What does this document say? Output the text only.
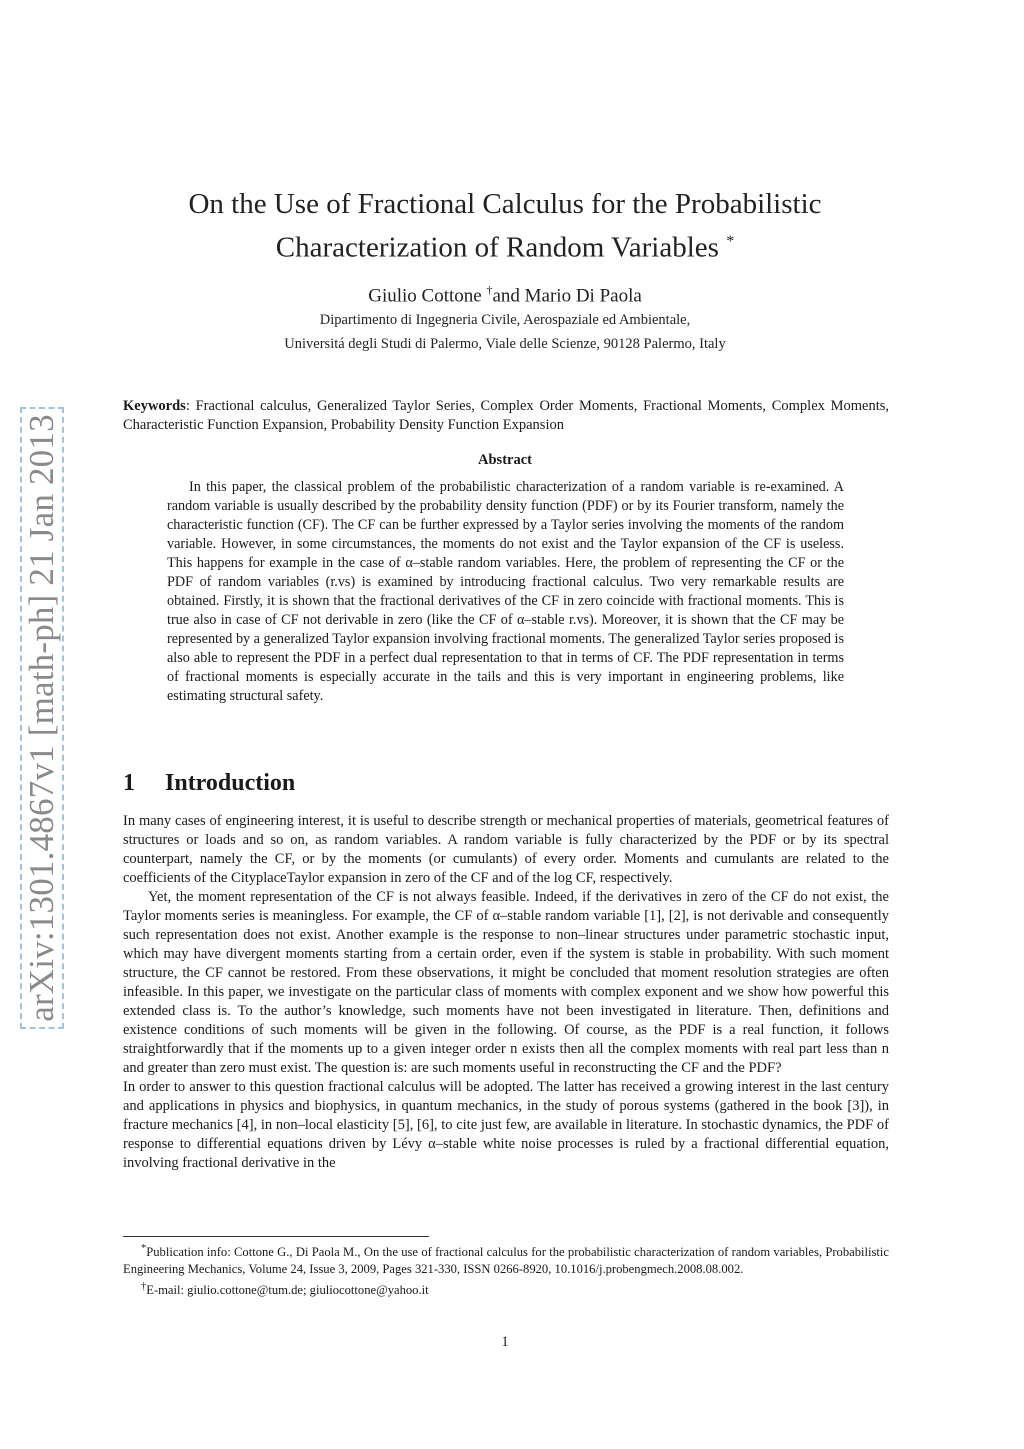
arXiv:1301.4867v1 [math-ph] 21 Jan 2013
On the Use of Fractional Calculus for the Probabilistic
Characterization of Random Variables *
Giulio Cottone †and Mario Di Paola
Dipartimento di Ingegneria Civile, Aerospaziale ed Ambientale,
Universitá degli Studi di Palermo, Viale delle Scienze, 90128 Palermo, Italy
Keywords: Fractional calculus, Generalized Taylor Series, Complex Order Moments, Fractional Moments, Complex Moments, Characteristic Function Expansion, Probability Density Function Expansion
Abstract
In this paper, the classical problem of the probabilistic characterization of a random variable is re-examined. A random variable is usually described by the probability density function (PDF) or by its Fourier transform, namely the characteristic function (CF). The CF can be further expressed by a Taylor series involving the moments of the random variable. However, in some circumstances, the moments do not exist and the Taylor expansion of the CF is useless. This happens for example in the case of α–stable random variables. Here, the problem of representing the CF or the PDF of random variables (r.vs) is examined by introducing fractional calculus. Two very remarkable results are obtained. Firstly, it is shown that the fractional derivatives of the CF in zero coincide with fractional moments. This is true also in case of CF not derivable in zero (like the CF of α–stable r.vs). Moreover, it is shown that the CF may be represented by a generalized Taylor expansion involving fractional moments. The generalized Taylor series proposed is also able to represent the PDF in a perfect dual representation to that in terms of CF. The PDF representation in terms of fractional moments is especially accurate in the tails and this is very important in engineering problems, like estimating structural safety.
1 Introduction

In many cases of engineering interest, it is useful to describe strength or mechanical properties of materials, geometrical features of structures or loads and so on, as random variables. A random variable is fully characterized by the PDF or by its spectral counterpart, namely the CF, or by the moments (or cumulants) of every order. Moments and cumulants are related to the coefficients of the CityplaceTaylor expansion in zero of the CF and of the log CF, respectively.

Yet, the moment representation of the CF is not always feasible. Indeed, if the derivatives in zero of the CF do not exist, the Taylor moments series is meaningless. For example, the CF of α–stable random variable [1], [2], is not derivable and consequently such representation does not exist. Another example is the response to non–linear structures under parametric stochastic input, which may have divergent moments starting from a certain order, even if the system is stable in probability. With such moment structure, the CF cannot be restored. From these observations, it might be concluded that moment resolution strategies are often infeasible. In this paper, we investigate on the particular class of moments with complex exponent and we show how powerful this extended class is. To the author’s knowledge, such moments have not been investigated in literature. Then, definitions and existence conditions of such moments will be given in the following. Of course, as the PDF is a real function, it follows straightforwardly that if the moments up to a given integer order n exists then all the complex moments with real part less than n and greater than zero must exist. The question is: are such moments useful in reconstructing the CF and the PDF?

In order to answer to this question fractional calculus will be adopted. The latter has received a growing interest in the last century and applications in physics and biophysics, in quantum mechanics, in the study of porous systems (gathered in the book [3]), in fracture mechanics [4], in non–local elasticity [5], [6], to cite just few, are available in literature. In stochastic dynamics, the PDF of response to differential equations driven by Lévy α–stable white noise processes is ruled by a fractional differential equation, involving fractional derivative in the

*Publication info: Cottone G., Di Paola M., On the use of fractional calculus for the probabilistic characterization of random variables, Probabilistic Engineering Mechanics, Volume 24, Issue 3, 2009, Pages 321-330, ISSN 0266-8920, 10.1016/j.probengmech.2008.08.002.

†E-mail: giulio.cottone@tum.de; giuliocottone@yahoo.it

1
